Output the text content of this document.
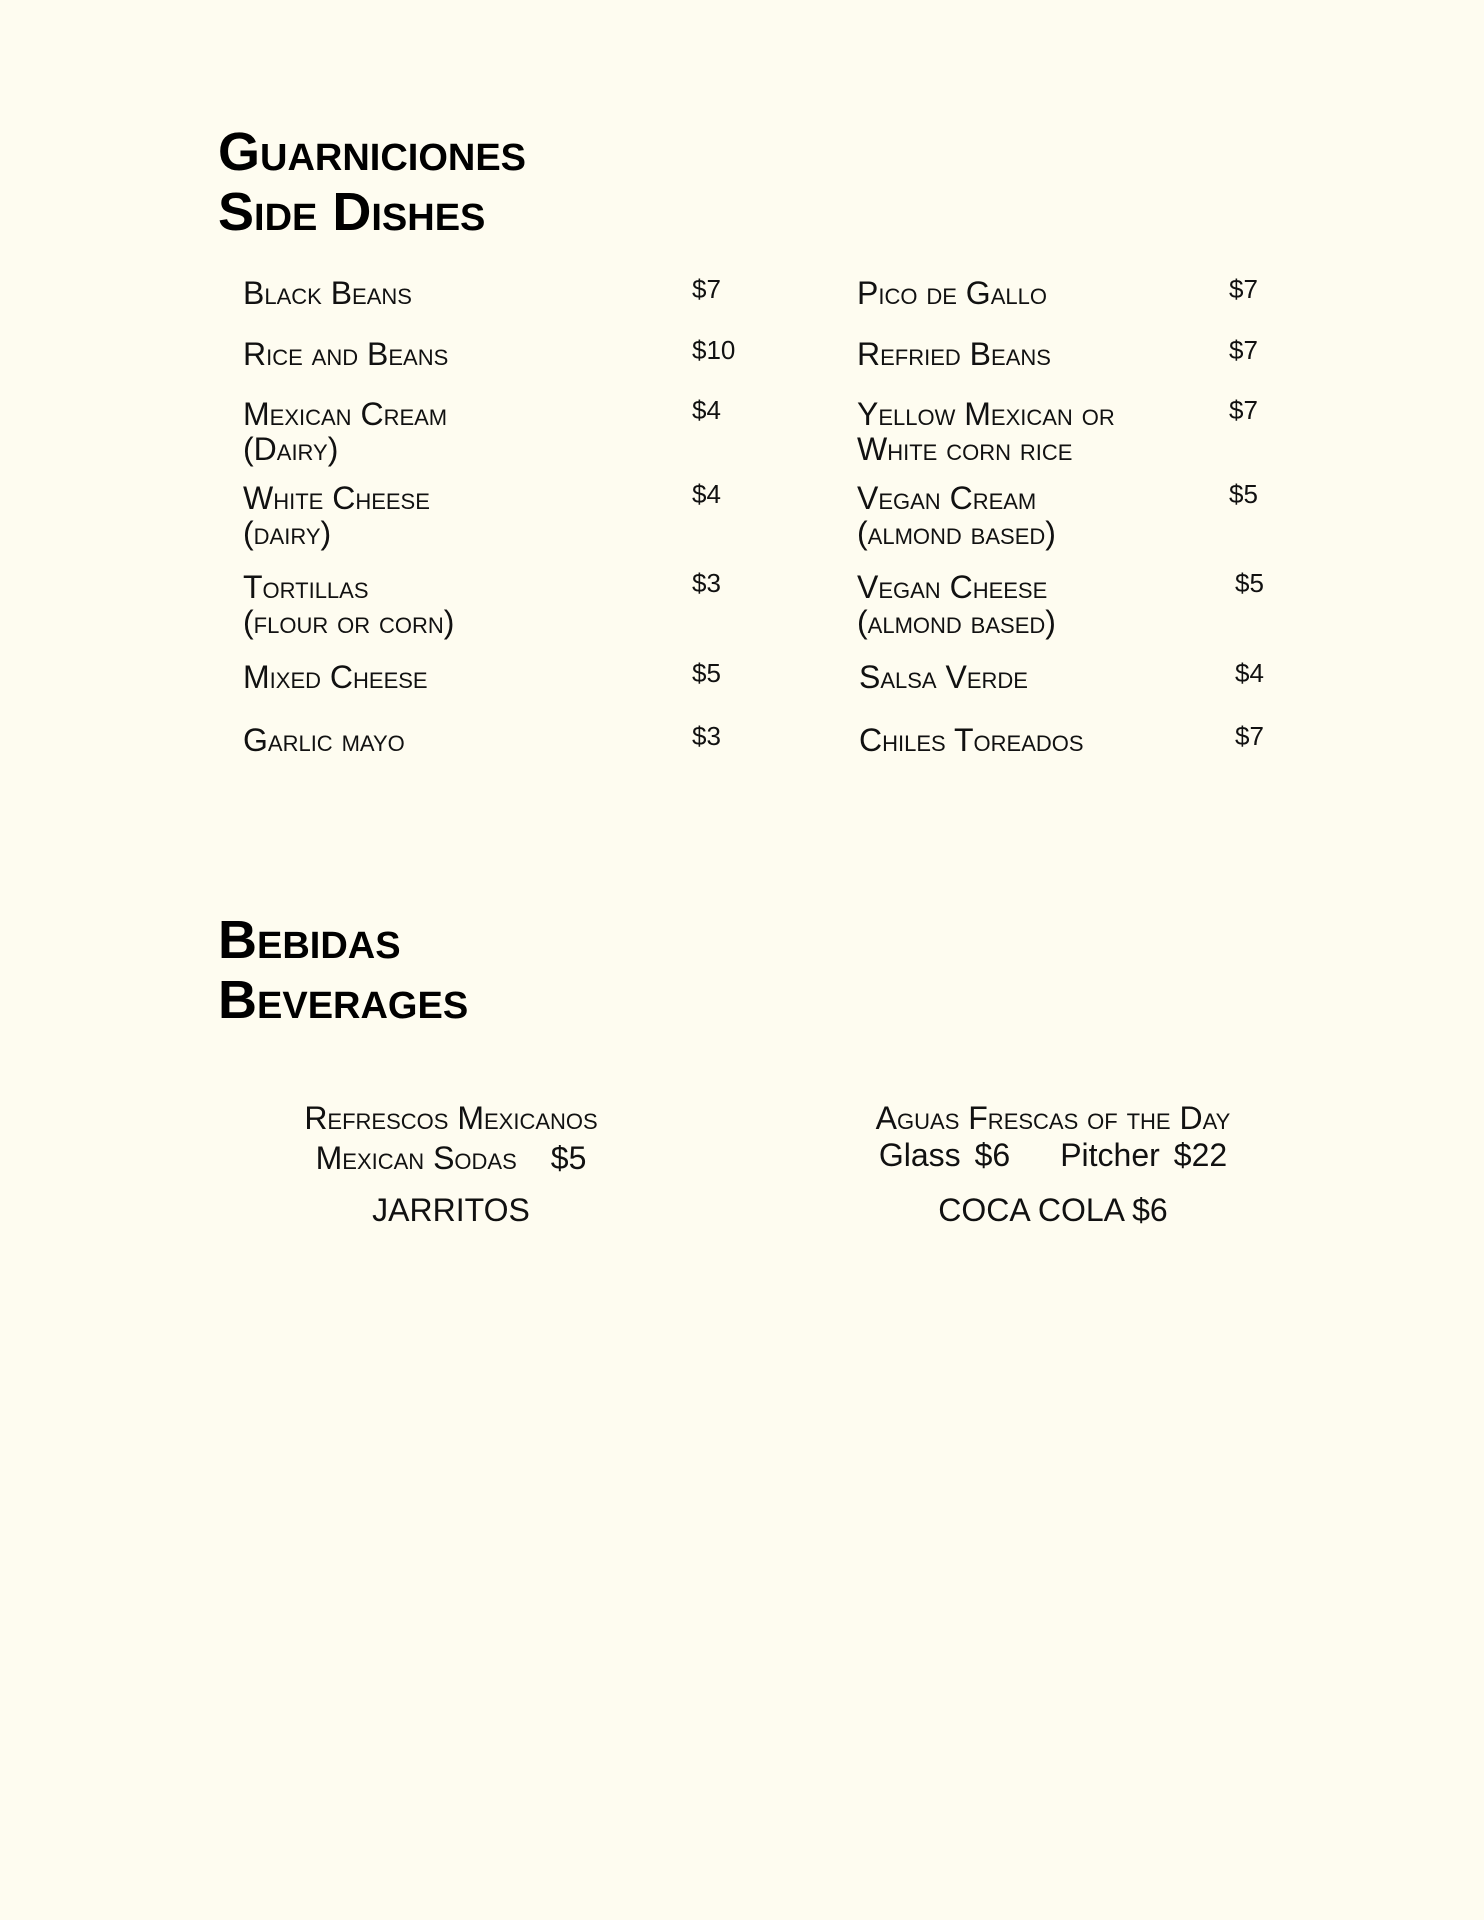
Guarniciones
Side Dishes
Black Beans	$7
Rice and Beans	$10
Mexican Cream
(Dairy)
$4
White Cheese
(dairy)
$4
Tortillas
(flour or corn)
$3
Mixed Cheese	$5
Garlic mayo	$3
Pico de Gallo	$7
Refried Beans	$7
Yellow Mexican or
White corn rice
$7
Vegan Cream
(almond based)
$5
Vegan Cheese
(almond based)
$5
Salsa Verde	$4
Chiles Toreados	$7
Bebidas
Beverages
Refrescos Mexicanos
Mexican Sodas $5
JARRITOS
Aguas Frescas of the Day
Glass $6 Pitcher $22
COCA COLA $6
